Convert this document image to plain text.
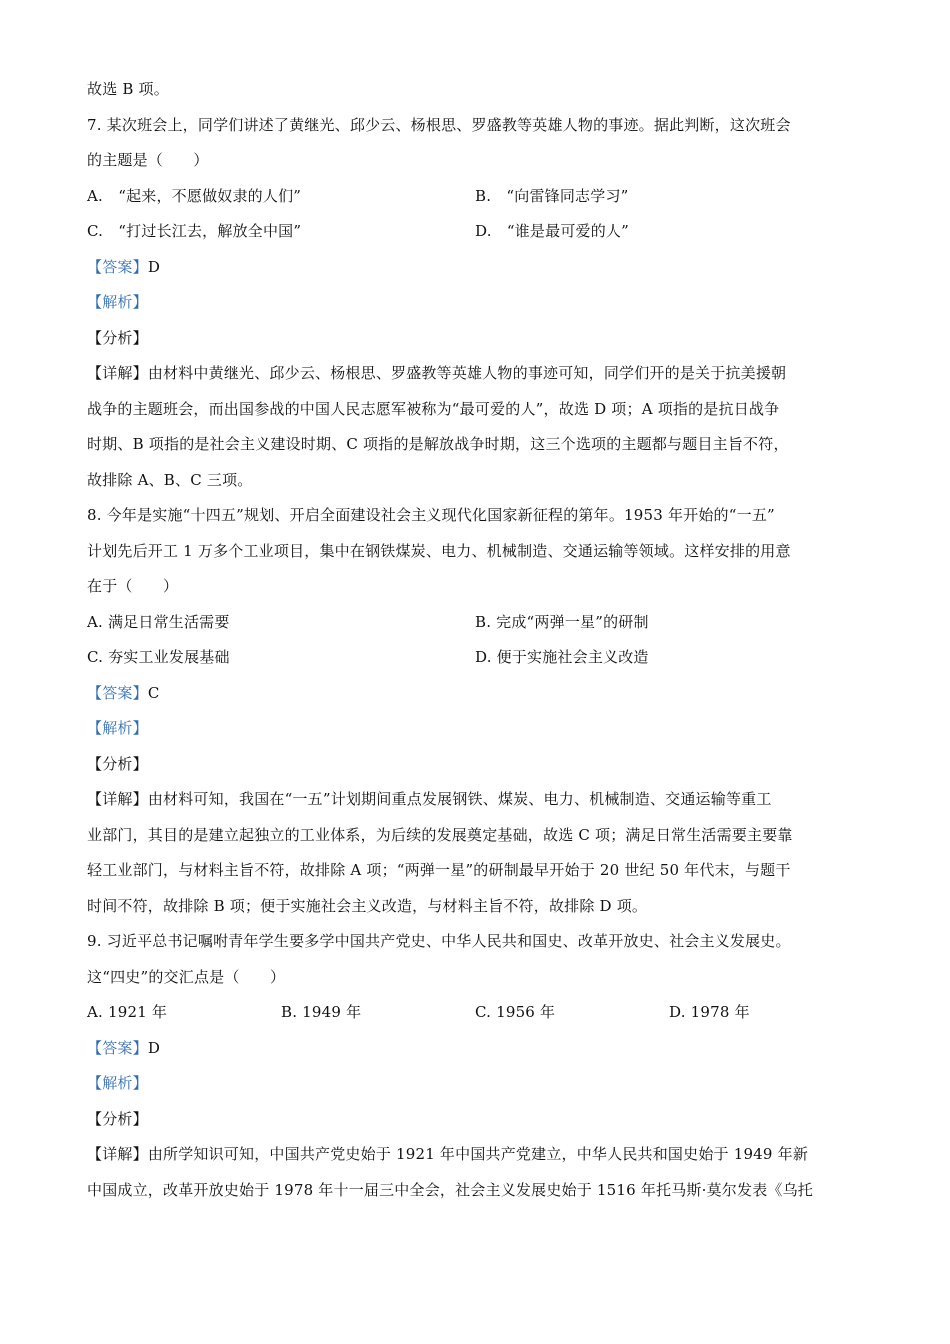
故选 B 项。
7. 某次班会上，同学们讲述了黄继光、邱少云、杨根思、罗盛教等英雄人物的事迹。据此判断，这次班会
的主题是（　　）
A.　“起来，不愿做奴隶的人们”	B.　“向雷锋同志学习”
C.　“打过长江去，解放全中国”	D.　“谁是最可爱的人”
【答案】D
【解析】
【分析】
【详解】由材料中黄继光、邱少云、杨根思、罗盛教等英雄人物的事迹可知，同学们开的是关于抗美援朝
战争的主题班会，而出国参战的中国人民志愿军被称为“最可爱的人”，故选 D 项；A 项指的是抗日战争
时期、B 项指的是社会主义建设时期、C 项指的是解放战争时期，这三个选项的主题都与题目主旨不符，
故排除 A、B、C 三项。
8. 今年是实施“十四五”规划、开启全面建设社会主义现代化国家新征程的第年。1953 年开始的“一五”
计划先后开工 1 万多个工业项目，集中在钢铁煤炭、电力、机械制造、交通运输等领域。这样安排的用意
在于（　　）
A. 满足日常生活需要	B. 完成“两弹一星”的研制
C. 夯实工业发展基础	D. 便于实施社会主义改造
【答案】C
【解析】
【分析】
【详解】由材料可知，我国在“一五”计划期间重点发展钢铁、煤炭、电力、机械制造、交通运输等重工
业部门，其目的是建立起独立的工业体系，为后续的发展奠定基础，故选 C 项；满足日常生活需要主要靠
轻工业部门，与材料主旨不符，故排除 A 项；“两弹一星”的研制最早开始于 20 世纪 50 年代末，与题干
时间不符，故排除 B 项；便于实施社会主义改造，与材料主旨不符，故排除 D 项。
9. 习近平总书记嘱咐青年学生要多学中国共产党史、中华人民共和国史、改革开放史、社会主义发展史。
这“四史”的交汇点是（　　）
A. 1921 年	B. 1949 年	C. 1956 年	D. 1978 年
【答案】D
【解析】
【分析】
【详解】由所学知识可知，中国共产党史始于 1921 年中国共产党建立，中华人民共和国史始于 1949 年新
中国成立，改革开放史始于 1978 年十一届三中全会，社会主义发展史始于 1516 年托马斯·莫尔发表《乌托
